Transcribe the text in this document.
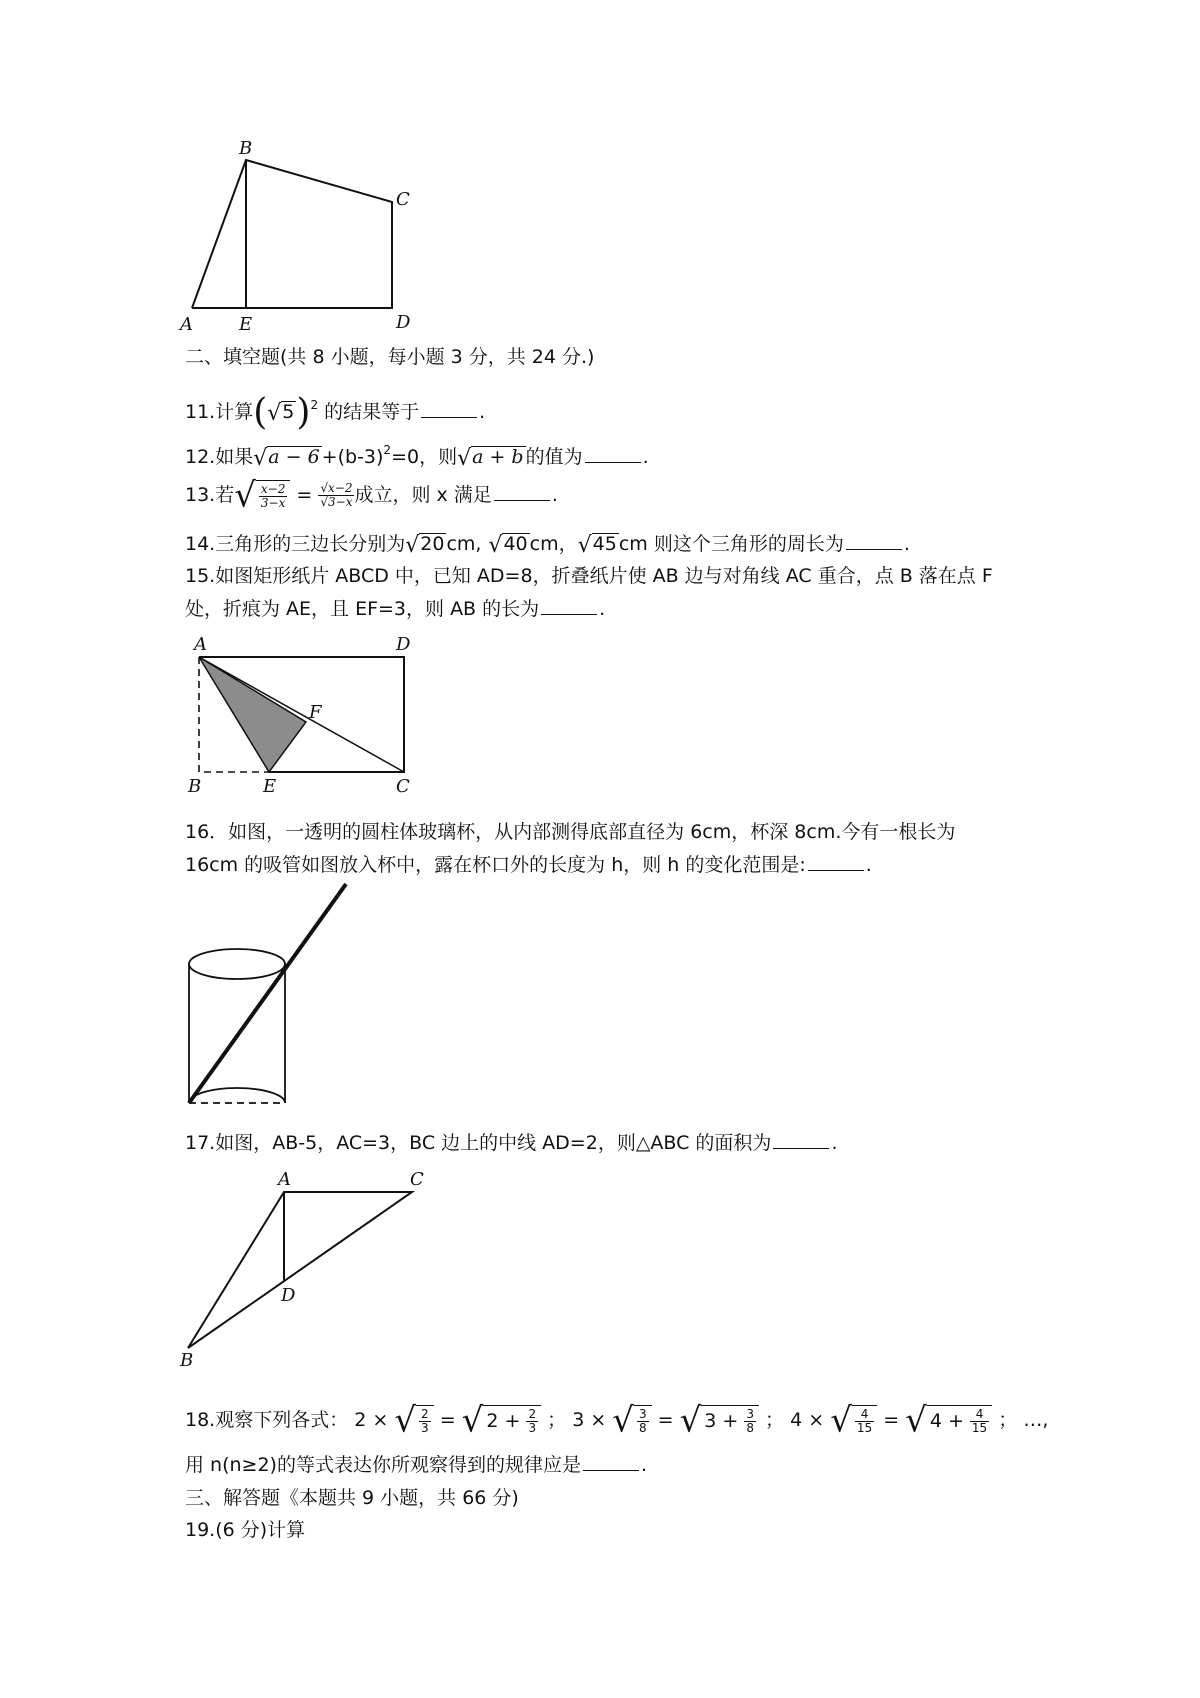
B
C
A	E	D
二、填空题(共 8 小题，每小题 3 分，共 24 分.)
11.计算$(√5)^2$ 的结果等于	.
12.如果$√a - 6 +(b-3)^2=0$，则√a + b 的值为	.
13.若√ $\frac{x-2}{3-x} = \frac{√x-2}{√3-x}$ 成立，则 x 满足	.
14.三角形的三边长分别为√20 cm, √40 cm，√45 cm 则这个三角形的周长为	.
15.如图矩形纸片 ABCD 中，已知 AD=8，折叠纸片使 AB 边与对角线 AC 重合，点 B 落在点 F
处，折痕为 AE，且 EF=3，则 AB 的长为	.
A	D
F
B	E	C
16．如图，一透明的圆柱体玻璃杯，从内部测得底部直径为 6cm，杯深 8cm.今有一根长为
16cm 的吸管如图放入杯中，露在杯口外的长度为 h，则 h 的变化范围是:	.
17.如图，AB-5，AC=3，BC 边上的中线 AD=2，则△ABC 的面积为	.
A	C
D
B
18.观察下列各式： 2 × √ $\frac{2}{3}$ = √ $2 + \frac{2}{3}$ ； 3 × √ $\frac{3}{8}$ = √ $3 + \frac{3}{8}$ ； 4 × √ $\frac{4}{15}$ = √ $4 + \frac{4}{15}$ ； …,
用 n(n≥2)的等式表达你所观察得到的规律应是	.
三、解答题《本题共 9 小题，共 66 分)
19.(6 分)计算
